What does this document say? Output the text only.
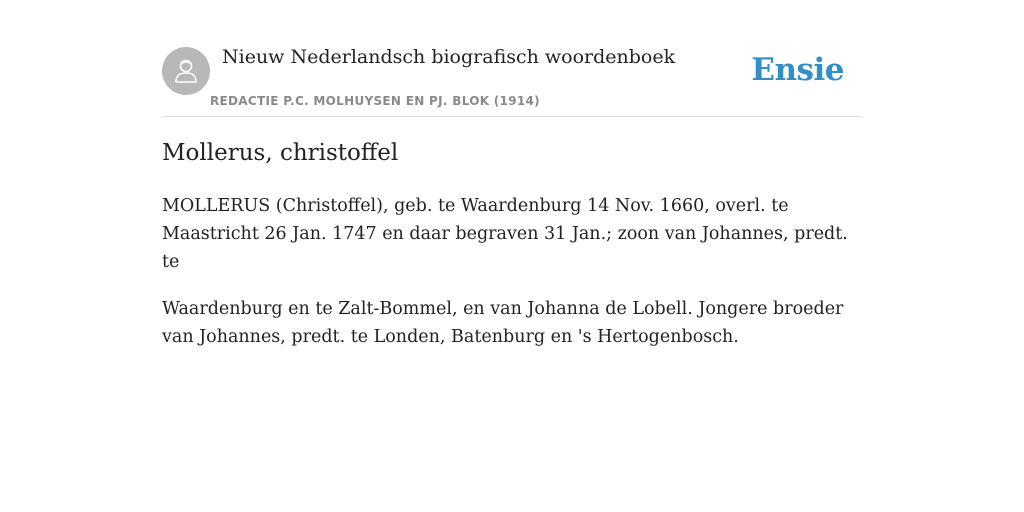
Nieuw Nederlandsch biografisch woordenboek
REDACTIE P.C. MOLHUYSEN EN PJ. BLOK (1914)
Ensie
Mollerus, christoffel

MOLLERUS (Christoffel), geb. te Waardenburg 14 Nov. 1660, overl. te Maastricht 26 Jan. 1747 en daar begraven 31 Jan.; zoon van Johannes, predt. te

Waardenburg en te Zalt-Bommel, en van Johanna de Lobell. Jongere broeder van Johannes, predt. te Londen, Batenburg en 's Hertogenbosch.
